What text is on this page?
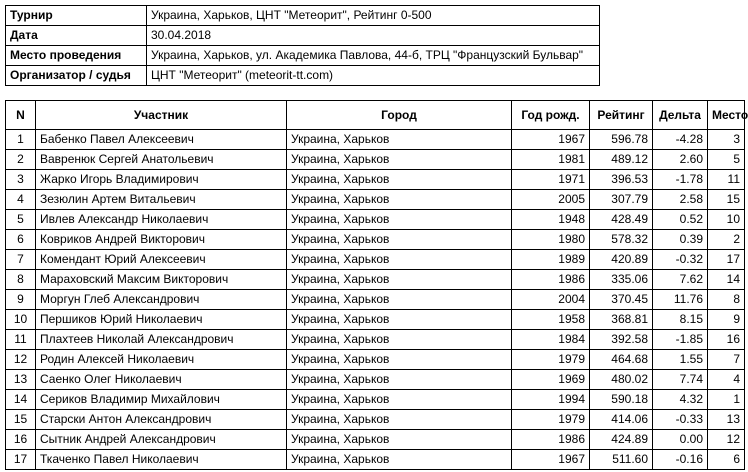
Турнир	Украина, Харьков, ЦНТ "Метеорит", Рейтинг 0-500
Дата	30.04.2018
Место проведения	Украина, Харьков, ул. Академика Павлова, 44-б, ТРЦ "Французский Бульвар"
Организатор / судья	ЦНТ "Метеорит" (meteorit-tt.com)
N	Участник	Город	Год рожд.	Рейтинг	Дельта	Место
1	Бабенко Павел Алексеевич	Украина, Харьков	1967	596.78	-4.28	3
2	Вавренюк Сергей Анатольевич	Украина, Харьков	1981	489.12	2.60	5
3	Жарко Игорь Владимирович	Украина, Харьков	1971	396.53	-1.78	11
4	Зезюлин Артем Витальевич	Украина, Харьков	2005	307.79	2.58	15
5	Ивлев Александр Николаевич	Украина, Харьков	1948	428.49	0.52	10
6	Ковриков Андрей Викторович	Украина, Харьков	1980	578.32	0.39	2
7	Комендант Юрий Алексеевич	Украина, Харьков	1989	420.89	-0.32	17
8	Мараховский Максим Викторович	Украина, Харьков	1986	335.06	7.62	14
9	Моргун Глеб Александрович	Украина, Харьков	2004	370.45	11.76	8
10	Першиков Юрий Николаевич	Украина, Харьков	1958	368.81	8.15	9
11	Плахтеев Николай Александрович	Украина, Харьков	1984	392.58	-1.85	16
12	Родин Алексей Николаевич	Украина, Харьков	1979	464.68	1.55	7
13	Саенко Олег Николаевич	Украина, Харьков	1969	480.02	7.74	4
14	Сериков Владимир Михайлович	Украина, Харьков	1994	590.18	4.32	1
15	Старски Антон Александрович	Украина, Харьков	1979	414.06	-0.33	13
16	Сытник Андрей Александрович	Украина, Харьков	1986	424.89	0.00	12
17	Ткаченко Павел Николаевич	Украина, Харьков	1967	511.60	-0.16	6
